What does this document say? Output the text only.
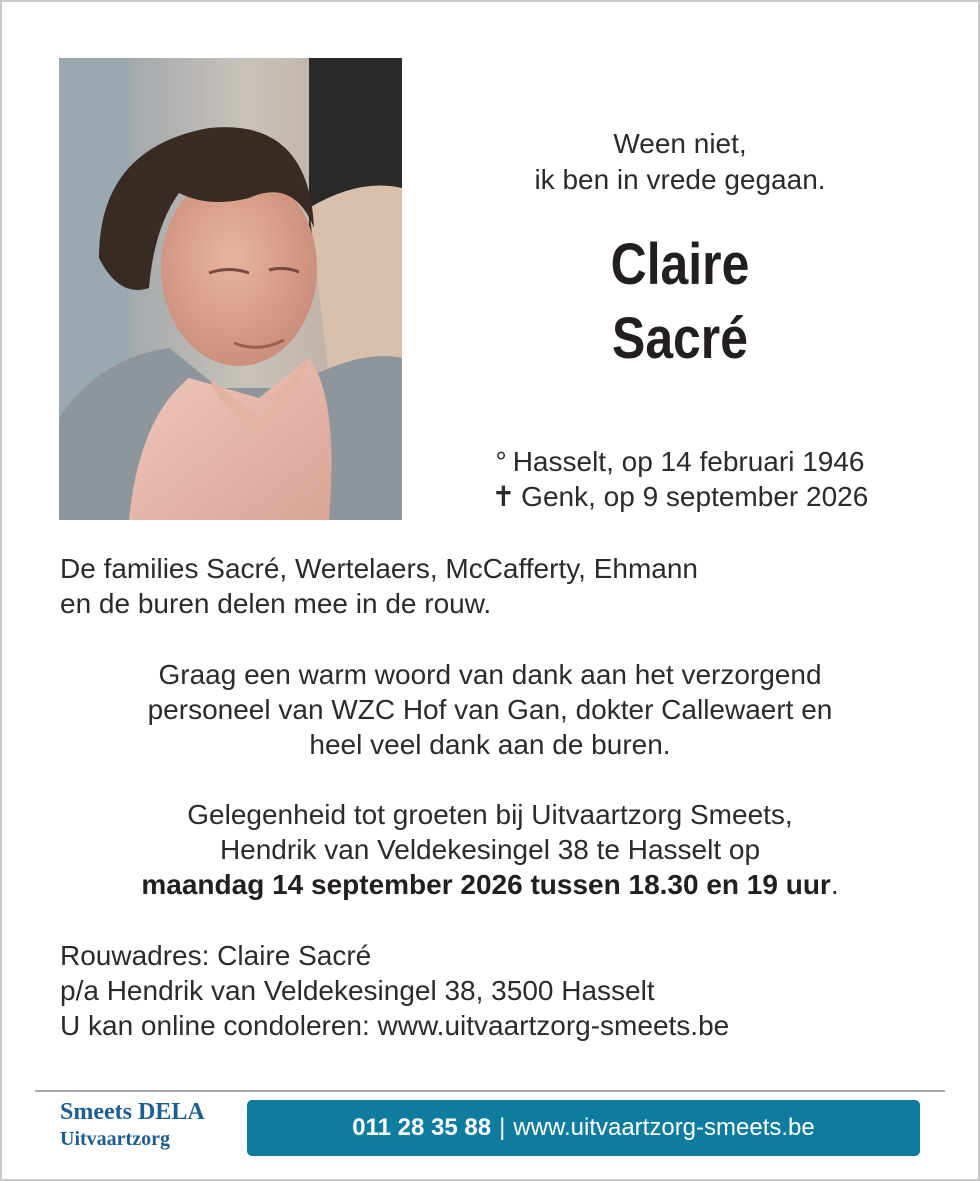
Ween niet,
ik ben in vrede gegaan.
Claire
Sacré
° Hasselt, op 14 februari 1946
✝ Genk, op 9 september 2026
De families Sacré, Wertelaers, McCafferty, Ehmann
en de buren delen mee in de rouw.
Graag een warm woord van dank aan het verzorgend
personeel van WZC Hof van Gan, dokter Callewaert en
heel veel dank aan de buren.
Gelegenheid tot groeten bij Uitvaartzorg Smeets,
Hendrik van Veldekesingel 38 te Hasselt op
maandag 14 september 2026 tussen 18.30 en 19 uur.
Rouwadres: Claire Sacré
p/a Hendrik van Veldekesingel 38, 3500 Hasselt
U kan online condoleren: www.uitvaartzorg-smeets.be
Smeets DELA
Uitvaartzorg	011 28 35 88 | www.uitvaartzorg-smeets.be
